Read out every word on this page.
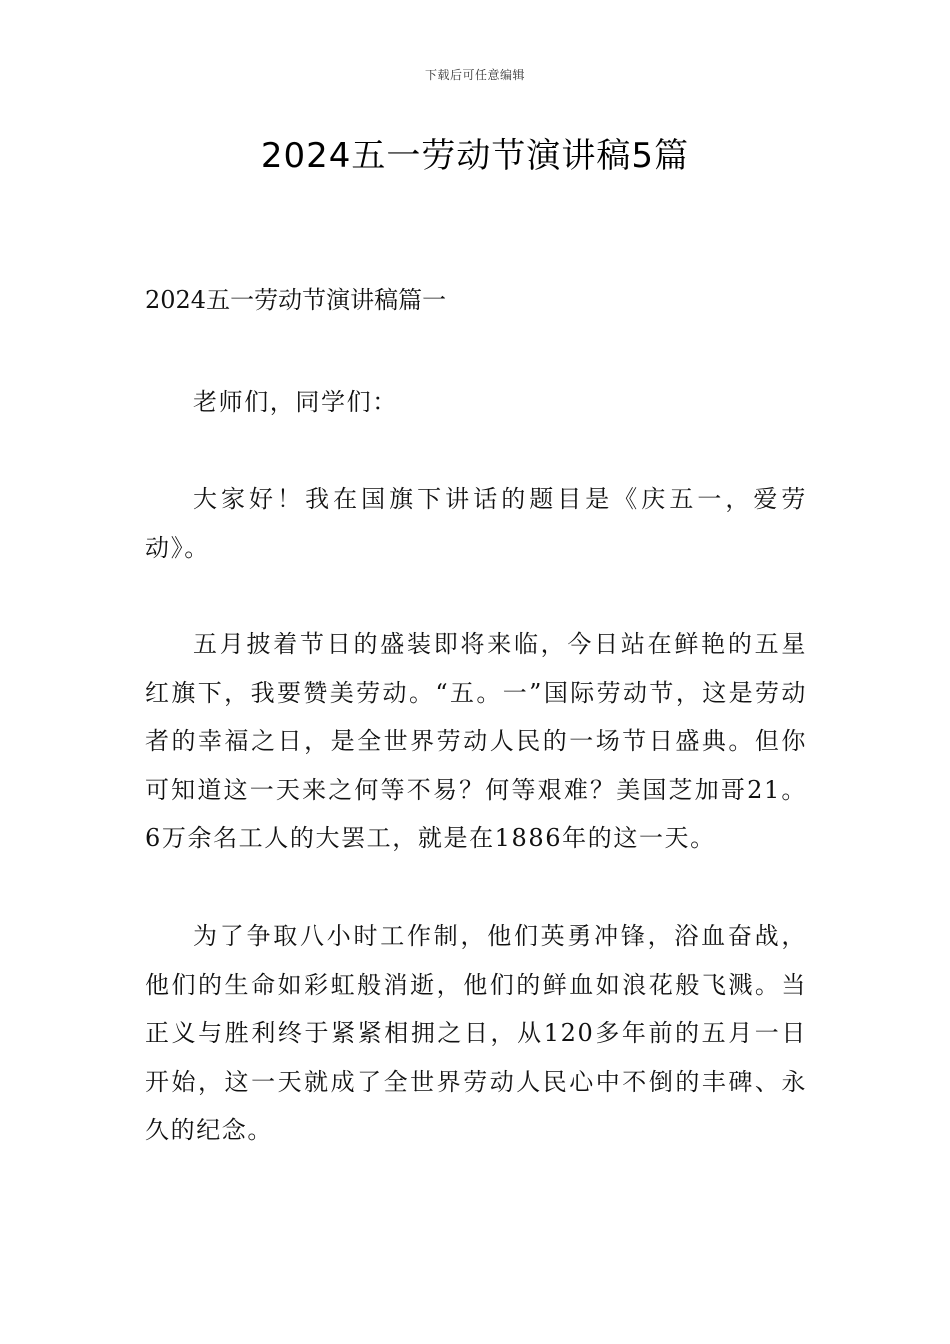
下载后可任意编辑
2024五一劳动节演讲稿5篇
2024五一劳动节演讲稿篇一

老师们，同学们：

大家好！我在国旗下讲话的题目是《庆五一，爱劳动》。

五月披着节日的盛装即将来临，今日站在鲜艳的五星红旗下，我要赞美劳动。“五。一”国际劳动节，这是劳动者的幸福之日，是全世界劳动人民的一场节日盛典。但你可知道这一天来之何等不易？何等艰难？美国芝加哥21。6万余名工人的大罢工，就是在1886年的这一天。

为了争取八小时工作制，他们英勇冲锋，浴血奋战，他们的生命如彩虹般消逝，他们的鲜血如浪花般飞溅。当正义与胜利终于紧紧相拥之日，从120多年前的五月一日开始，这一天就成了全世界劳动人民心中不倒的丰碑、永久的纪念。
